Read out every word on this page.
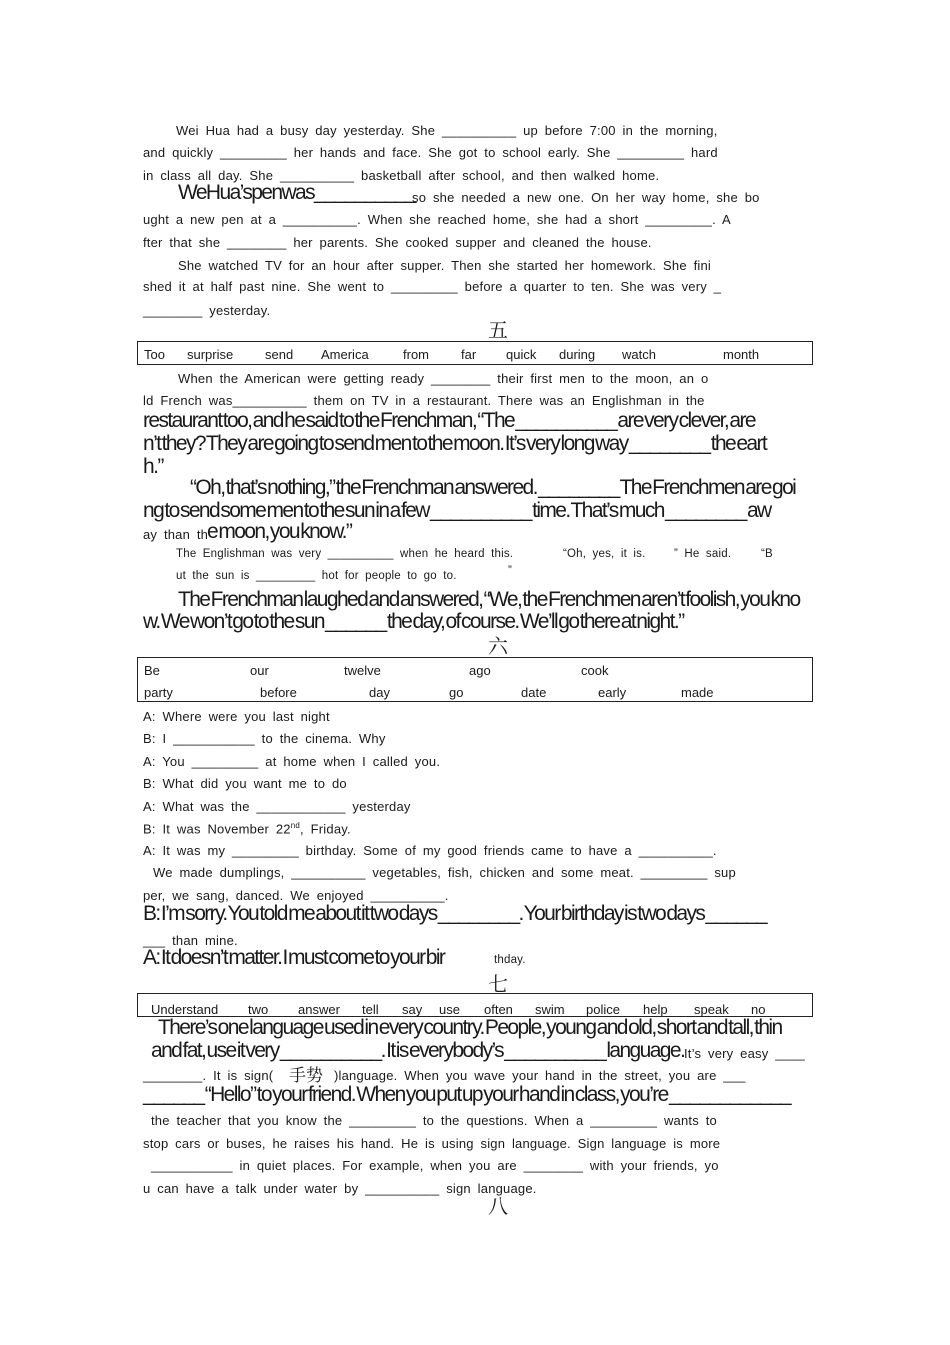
Wei Hua had a busy day yesterday. She __________ up before 7:00 in the morning,
and quickly _________ her hands and face. She got to school early. She _________ hard
in class all day. She __________ basketball after school, and then walked home.
WeHua’spenwas__________
so she needed a new one. On her way home, she bo
ught a new pen at a __________. When she reached home, she had a short _________. A
fter that she ________ her parents. She cooked supper and cleaned the house.
She watched TV for an hour after supper. Then she started her homework. She fini
shed it at half past nine. She went to _________ before a quarter to ten. She was very _
________ yesterday.
五
Too surprise send America	from far quick during watch	month
When the American were getting ready ________ their first men to the moon, an o
ld French was__________ them on TV in a restaurant. There was an Englishman in the
restaurant too, and he said to the Frenchman, “The __________ are very clever, are
n’t they? They are going to send men to the moon. It’s very long way ________ the eart
h.”
“Oh, that’s nothing,” the Frenchman answered. ________ The Frenchmen are goi
ng to send some men to the sun in a few __________ time. That’s much ________ aw
ay than th
e moon, you know.”
The Englishman was very __________ when he heard this.	“Oh, yes, it is.	” He said.	“B
ut the sun is _________ hot for people to go to.	”
The Frenchman laughed and answered, “We, the Frenchmen aren’t foolish, you kno
w. We won’t go to the sun ______ the day, of course. We’ll go there at night.”
六
Be	our	twelve	ago	cook
party	before	day	go	date	early	made
A: Where were you last night
B: I ___________ to the cinema. Why
A: You _________ at home when I called you.
B: What did you want me to do
A: What was the ____________ yesterday
B: It was November 22nd, Friday.
A: It was my _________ birthday. Some of my good friends came to have a __________.
We made dumplings, __________ vegetables, fish, chicken and some meat. _________ sup
per, we sang, danced. We enjoyed __________.
B: I’m sorry. You told me about it two days ________. Your birthday is two days ______
___ than mine.
A: It doesn’t matter. I must come to your bir	thday.
七
Understand two answer tell say use often swim police help speak no
There’s one language used in every country. People, young and old, short and tall, thin
and fat, use it very __________. It is everybody’s __________ language. It’s very easy ____
________. It is sign( 手势 )language. When you wave your hand in the street, you are ___
______ “Hello” to your friend. When you put up your hand in class, you’re ____________
the teacher that you know the _________ to the questions. When a _________ wants to
stop cars or buses, he raises his hand. He is using sign language. Sign language is more
___________ in quiet places. For example, when you are ________ with your friends, yo
u can have a talk under water by __________ sign language.
八
